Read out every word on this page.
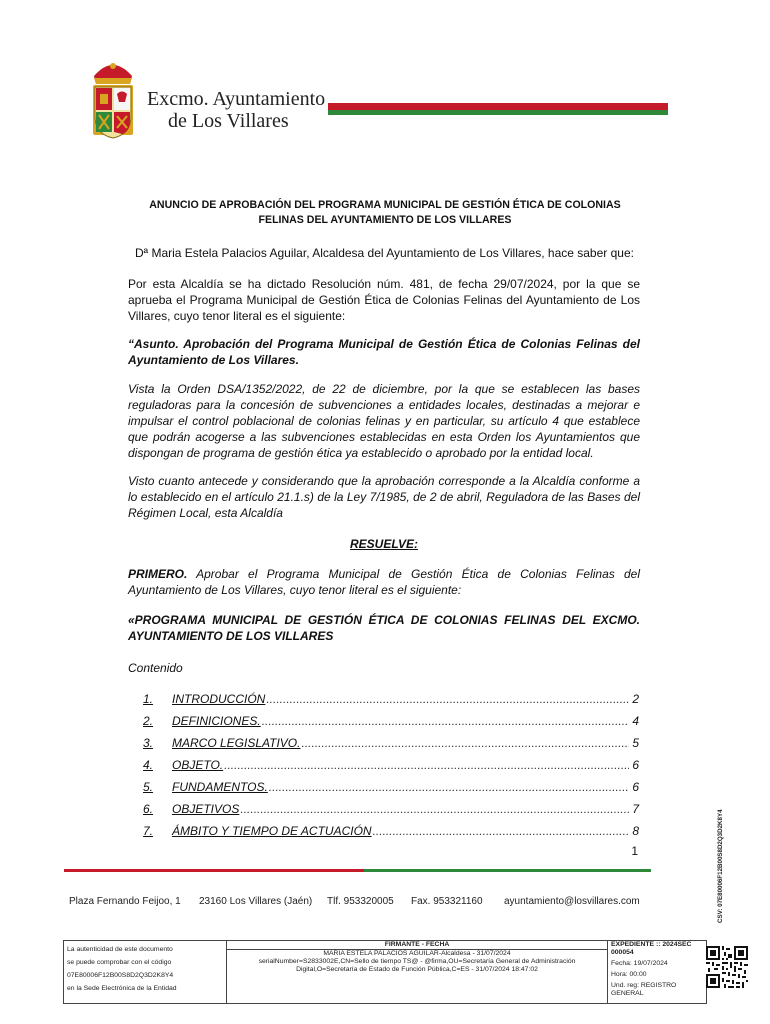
Excmo. Ayuntamiento
de Los Villares
ANUNCIO DE APROBACIÓN DEL PROGRAMA MUNICIPAL DE GESTIÓN ÉTICA DE COLONIAS
FELINAS DEL AYUNTAMIENTO DE LOS VILLARES
Dª Maria Estela Palacios Aguilar, Alcaldesa del Ayuntamiento de Los Villares, hace saber que:
Por esta Alcaldía se ha dictado Resolución núm. 481, de fecha 29/07/2024, por la que se aprueba el Programa Municipal de Gestión Ética de Colonias Felinas del Ayuntamiento de Los Villares, cuyo tenor literal es el siguiente:
“Asunto. Aprobación del Programa Municipal de Gestión Ética de Colonias Felinas del Ayuntamiento de Los Villares.
Vista la Orden DSA/1352/2022, de 22 de diciembre, por la que se establecen las bases reguladoras para la concesión de subvenciones a entidades locales, destinadas a mejorar e impulsar el control poblacional de colonias felinas y en particular, su artículo 4 que establece que podrán acogerse a las subvenciones establecidas en esta Orden los Ayuntamientos que dispongan de programa de gestión ética ya establecido o aprobado por la entidad local.
Visto cuanto antecede y considerando que la aprobación corresponde a la Alcaldía conforme a lo establecido en el artículo 21.1.s) de la Ley 7/1985, de 2 de abril, Reguladora de las Bases del Régimen Local, esta Alcaldía
RESUELVE:
PRIMERO. Aprobar el Programa Municipal de Gestión Ética de Colonias Felinas del Ayuntamiento de Los Villares, cuyo tenor literal es el siguiente:
«PROGRAMA MUNICIPAL DE GESTIÓN ÉTICA DE COLONIAS FELINAS DEL EXCMO. AYUNTAMIENTO DE LOS VILLARES
Contenido
1.	INTRODUCCIÓN .....	2
2.	DEFINICIONES. .....	4
3.	MARCO LEGISLATIVO. .....	5
4.	OBJETO. .....	6
5.	FUNDAMENTOS. .....	6
6.	OBJETIVOS .....	7
7.	ÁMBITO Y TIEMPO DE ACTUACIÓN .....	8
1	CSV: 07E80006F12B00S8D2Q3D2K8Y4
Plaza Fernando Feijoo, 1 23160 Los Villares (Jaén) Tlf. 953320005 Fax. 953321160 ayuntamiento@losvillares.com
La autenticidad de este documento
se puede comprobar con el código
07E80006F12B00S8D2Q3D2K8Y4
en la Sede Electrónica de la Entidad
FIRMANTE - FECHA
MARIA ESTELA PALACIOS AGUILAR-Alcaldesa - 31/07/2024
serialNumber=S2833002E,CN=Sello de tiempo TS@ - @firma,OU=Secretaría General de Administración
Digital,O=Secretaría de Estado de Función Pública,C=ES - 31/07/2024 18:47:02
EXPEDIENTE :: 2024SEC
000054
Fecha: 19/07/2024
Hora: 00:00
Und. reg: REGISTRO
GENERAL
